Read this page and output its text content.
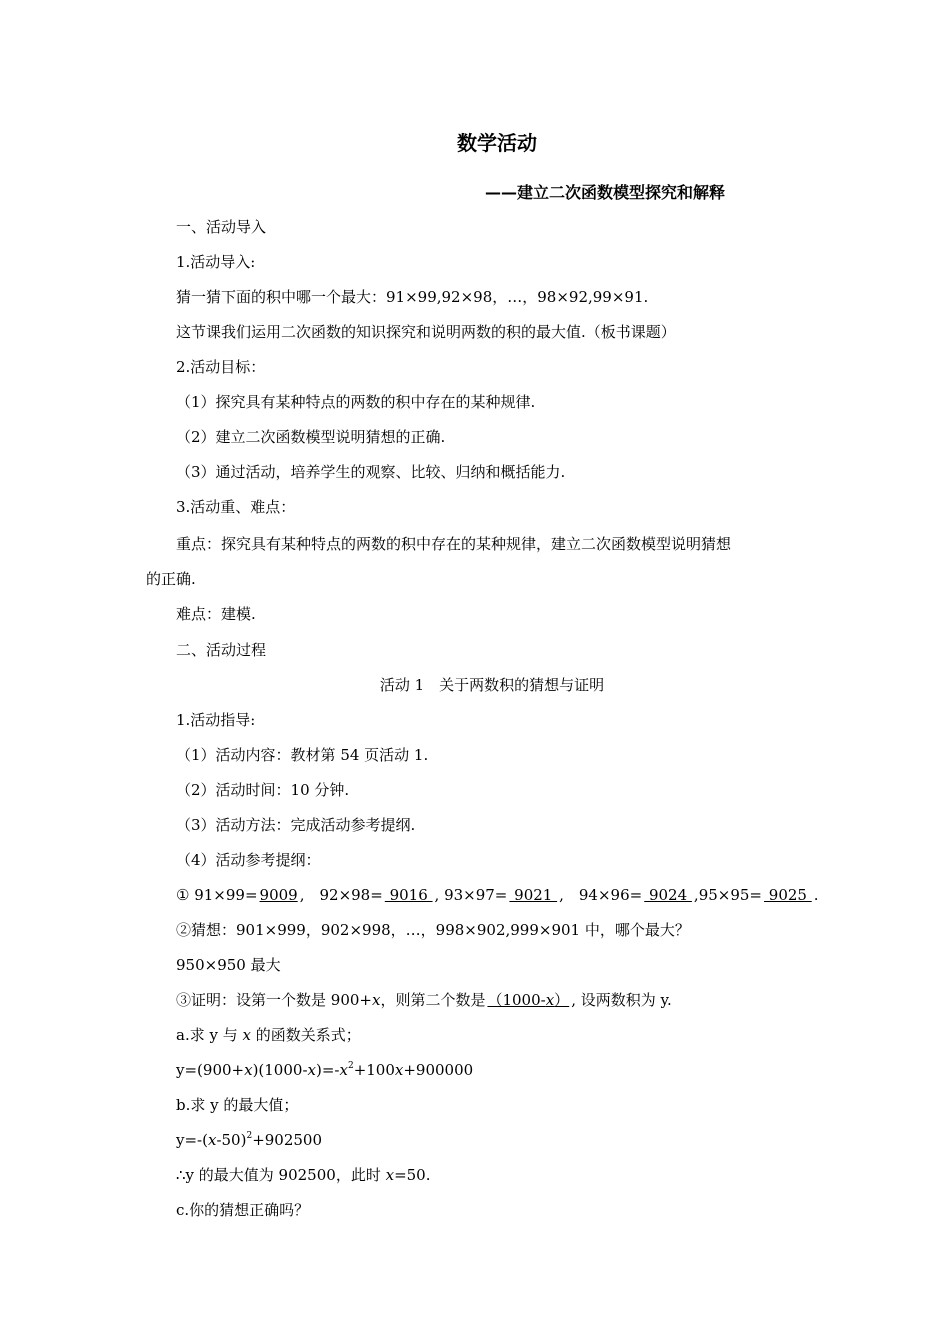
数学活动
——建立二次函数模型探究和解释
一、活动导入
1.活动导入:
猜一猜下面的积中哪一个最大：91×99,92×98，…，98×92,99×91.
这节课我们运用二次函数的知识探究和说明两数的积的最大值.（板书课题）
2.活动目标：
（1）探究具有某种特点的两数的积中存在的某种规律.
（2）建立二次函数模型说明猜想的正确.
（3）通过活动，培养学生的观察、比较、归纳和概括能力.
3.活动重、难点：
重点：探究具有某种特点的两数的积中存在的某种规律，建立二次函数模型说明猜想
的正确.
难点：建模.
二、活动过程
活动 1　关于两数积的猜想与证明
1.活动指导:
（1）活动内容：教材第 54 页活动 1.
（2）活动时间：10 分钟.
（3）活动方法：完成活动参考提纲.
（4）活动参考提纲：
① 91×99= 9009 ,　92×98= 9016 , 93×97= 9021 ,　94×96= 9024 ,95×95= 9025 .
②猜想：901×999，902×998，…，998×902,999×901 中，哪个最大？
950×950 最大
③证明：设第一个数是 900+x，则第二个数是 （1000-x） , 设两数积为 y.
a.求 y 与 x 的函数关系式；
$y=(900+x)(1000-x)=-x^2+100x+900000$
b.求 y 的最大值；
$y=-(x-50)^2+902500$
∴y 的最大值为 902500，此时 x=50.
c.你的猜想正确吗？
